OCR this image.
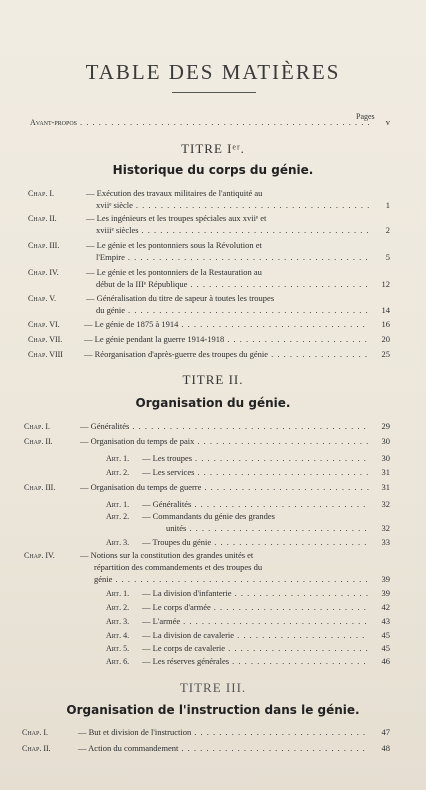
TABLE DES MATIÈRES
Pages
Avant-propos . . .	v
TITRE Iᵉʳ.
Historique du corps du génie.
Chap. I.	— Exécution des travaux militaires de l'antiquité au
xviiᵉ siècle . . .	1
Chap. II.	— Les ingénieurs et les troupes spéciales aux xviiᵉ et
xviiiᵉ siècles . . .	2
Chap. III.	— Le génie et les pontonniers sous la Révolution et
l'Empire . . .	5
Chap. IV.	— Le génie et les pontonniers de la Restauration au
début de la IIIᵉ République . . .	12
Chap. V.	— Généralisation du titre de sapeur à toutes les troupes
du génie . . .	14
Chap. VI.	— Le génie de 1875 à 1914 . . .	16
Chap. VII.	— Le génie pendant la guerre 1914-1918 . . .	20
Chap. VIII	— Réorganisation d'après-guerre des troupes du génie . . .	25
TITRE II.
Organisation du génie.
Chap. I.	— Généralités . . .	29
Chap. II.	— Organisation du temps de paix . . .	30
Art. 1.	— Les troupes . . .	30
Art. 2.	— Les services . . .	31
Chap. III.	— Organisation du temps de guerre . . .	31
Art. 1.	— Généralités . . .	32
Art. 2.	— Commandants du génie des grandes
unités . . .	32
Art. 3.	— Troupes du génie . . .	33
Chap. IV.	— Notions sur la constitution des grandes unités et
répartition des commandements et des troupes du
génie . . .	39
Art. 1.	— La division d'infanterie . . .	39
Art. 2.	— Le corps d'armée . . .	42
Art. 3.	— L'armée . . .	43
Art. 4.	— La division de cavalerie . . .	45
Art. 5.	— Le corps de cavalerie . . .	45
Art. 6.	— Les réserves générales . . .	46
TITRE III.
Organisation de l'instruction dans le génie.
Chap. I.	— But et division de l'instruction . . .	47
Chap. II.	— Action du commandement . . .	48
